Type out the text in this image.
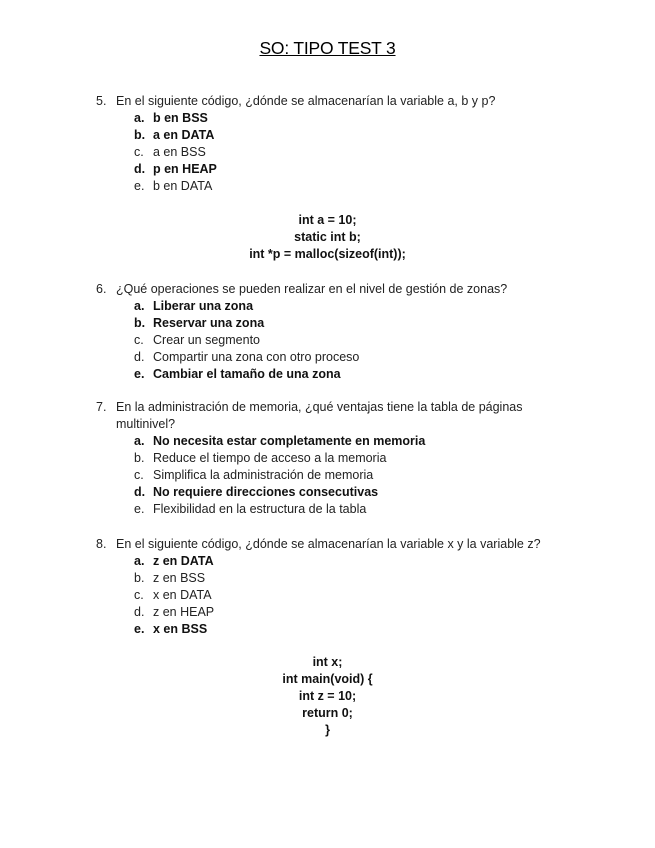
SO: TIPO TEST 3
5. En el siguiente código, ¿dónde se almacenarían la variable a, b y p?
a. b en BSS
b. a en DATA
c. a en BSS
d. p en HEAP
e. b en DATA
int a = 10;
static int b;
int *p = malloc(sizeof(int));
6. ¿Qué operaciones se pueden realizar en el nivel de gestión de zonas?
a. Liberar una zona
b. Reservar una zona
c. Crear un segmento
d. Compartir una zona con otro proceso
e. Cambiar el tamaño de una zona
7. En la administración de memoria, ¿qué ventajas tiene la tabla de páginas multinivel?
a. No necesita estar completamente en memoria
b. Reduce el tiempo de acceso a la memoria
c. Simplifica la administración de memoria
d. No requiere direcciones consecutivas
e. Flexibilidad en la estructura de la tabla
8. En el siguiente código, ¿dónde se almacenarían la variable x y la variable z?
a. z en DATA
b. z en BSS
c. x en DATA
d. z en HEAP
e. x en BSS
int x;
int main(void) {
int z = 10;
return 0;
}
